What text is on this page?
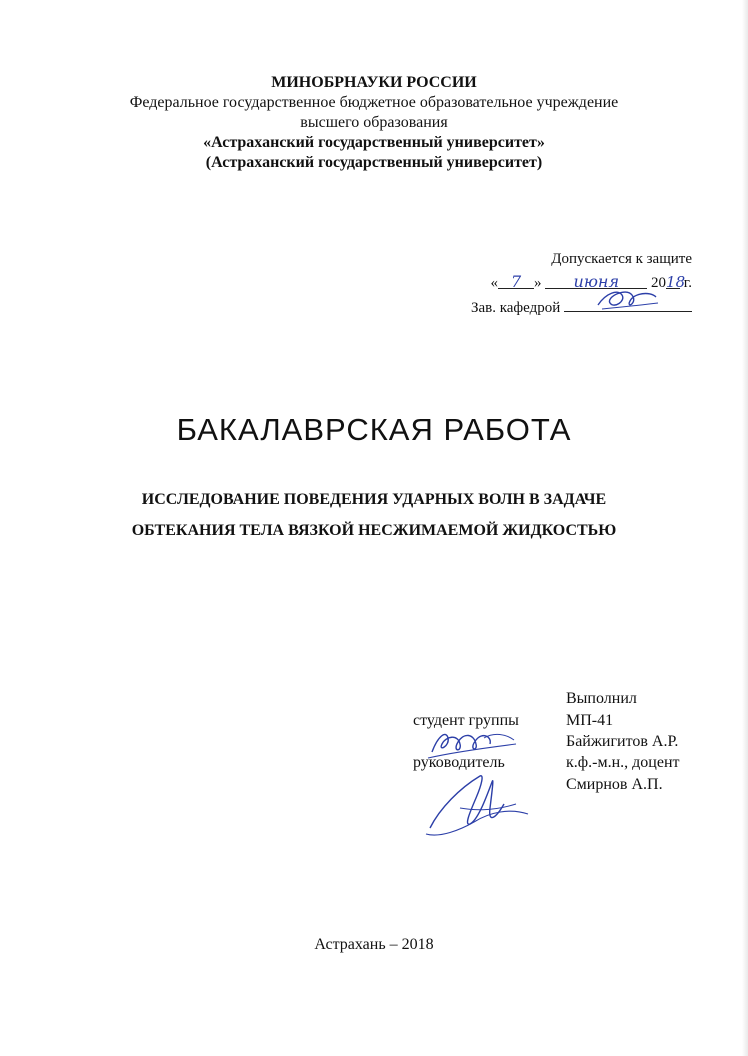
МИНОБРНАУКИ РОССИИ
Федеральное государственное бюджетное образовательное учреждение
высшего образования
«Астраханский государственный университет»
(Астраханский государственный университет)
Допускается к защите
« 7 » июня 2018 г.
Зав. кафедрой
БАКАЛАВРСКАЯ РАБОТА
ИССЛЕДОВАНИЕ ПОВЕДЕНИЯ УДАРНЫХ ВОЛН В ЗАДАЧЕ
ОБТЕКАНИЯ ТЕЛА ВЯЗКОЙ НЕСЖИМАЕМОЙ ЖИДКОСТЬЮ
Выполнил
студент группы	МП-41
Байжигитов А.Р.
руководитель	к.ф.-м.н., доцент
Смирнов А.П.
Астрахань – 2018
